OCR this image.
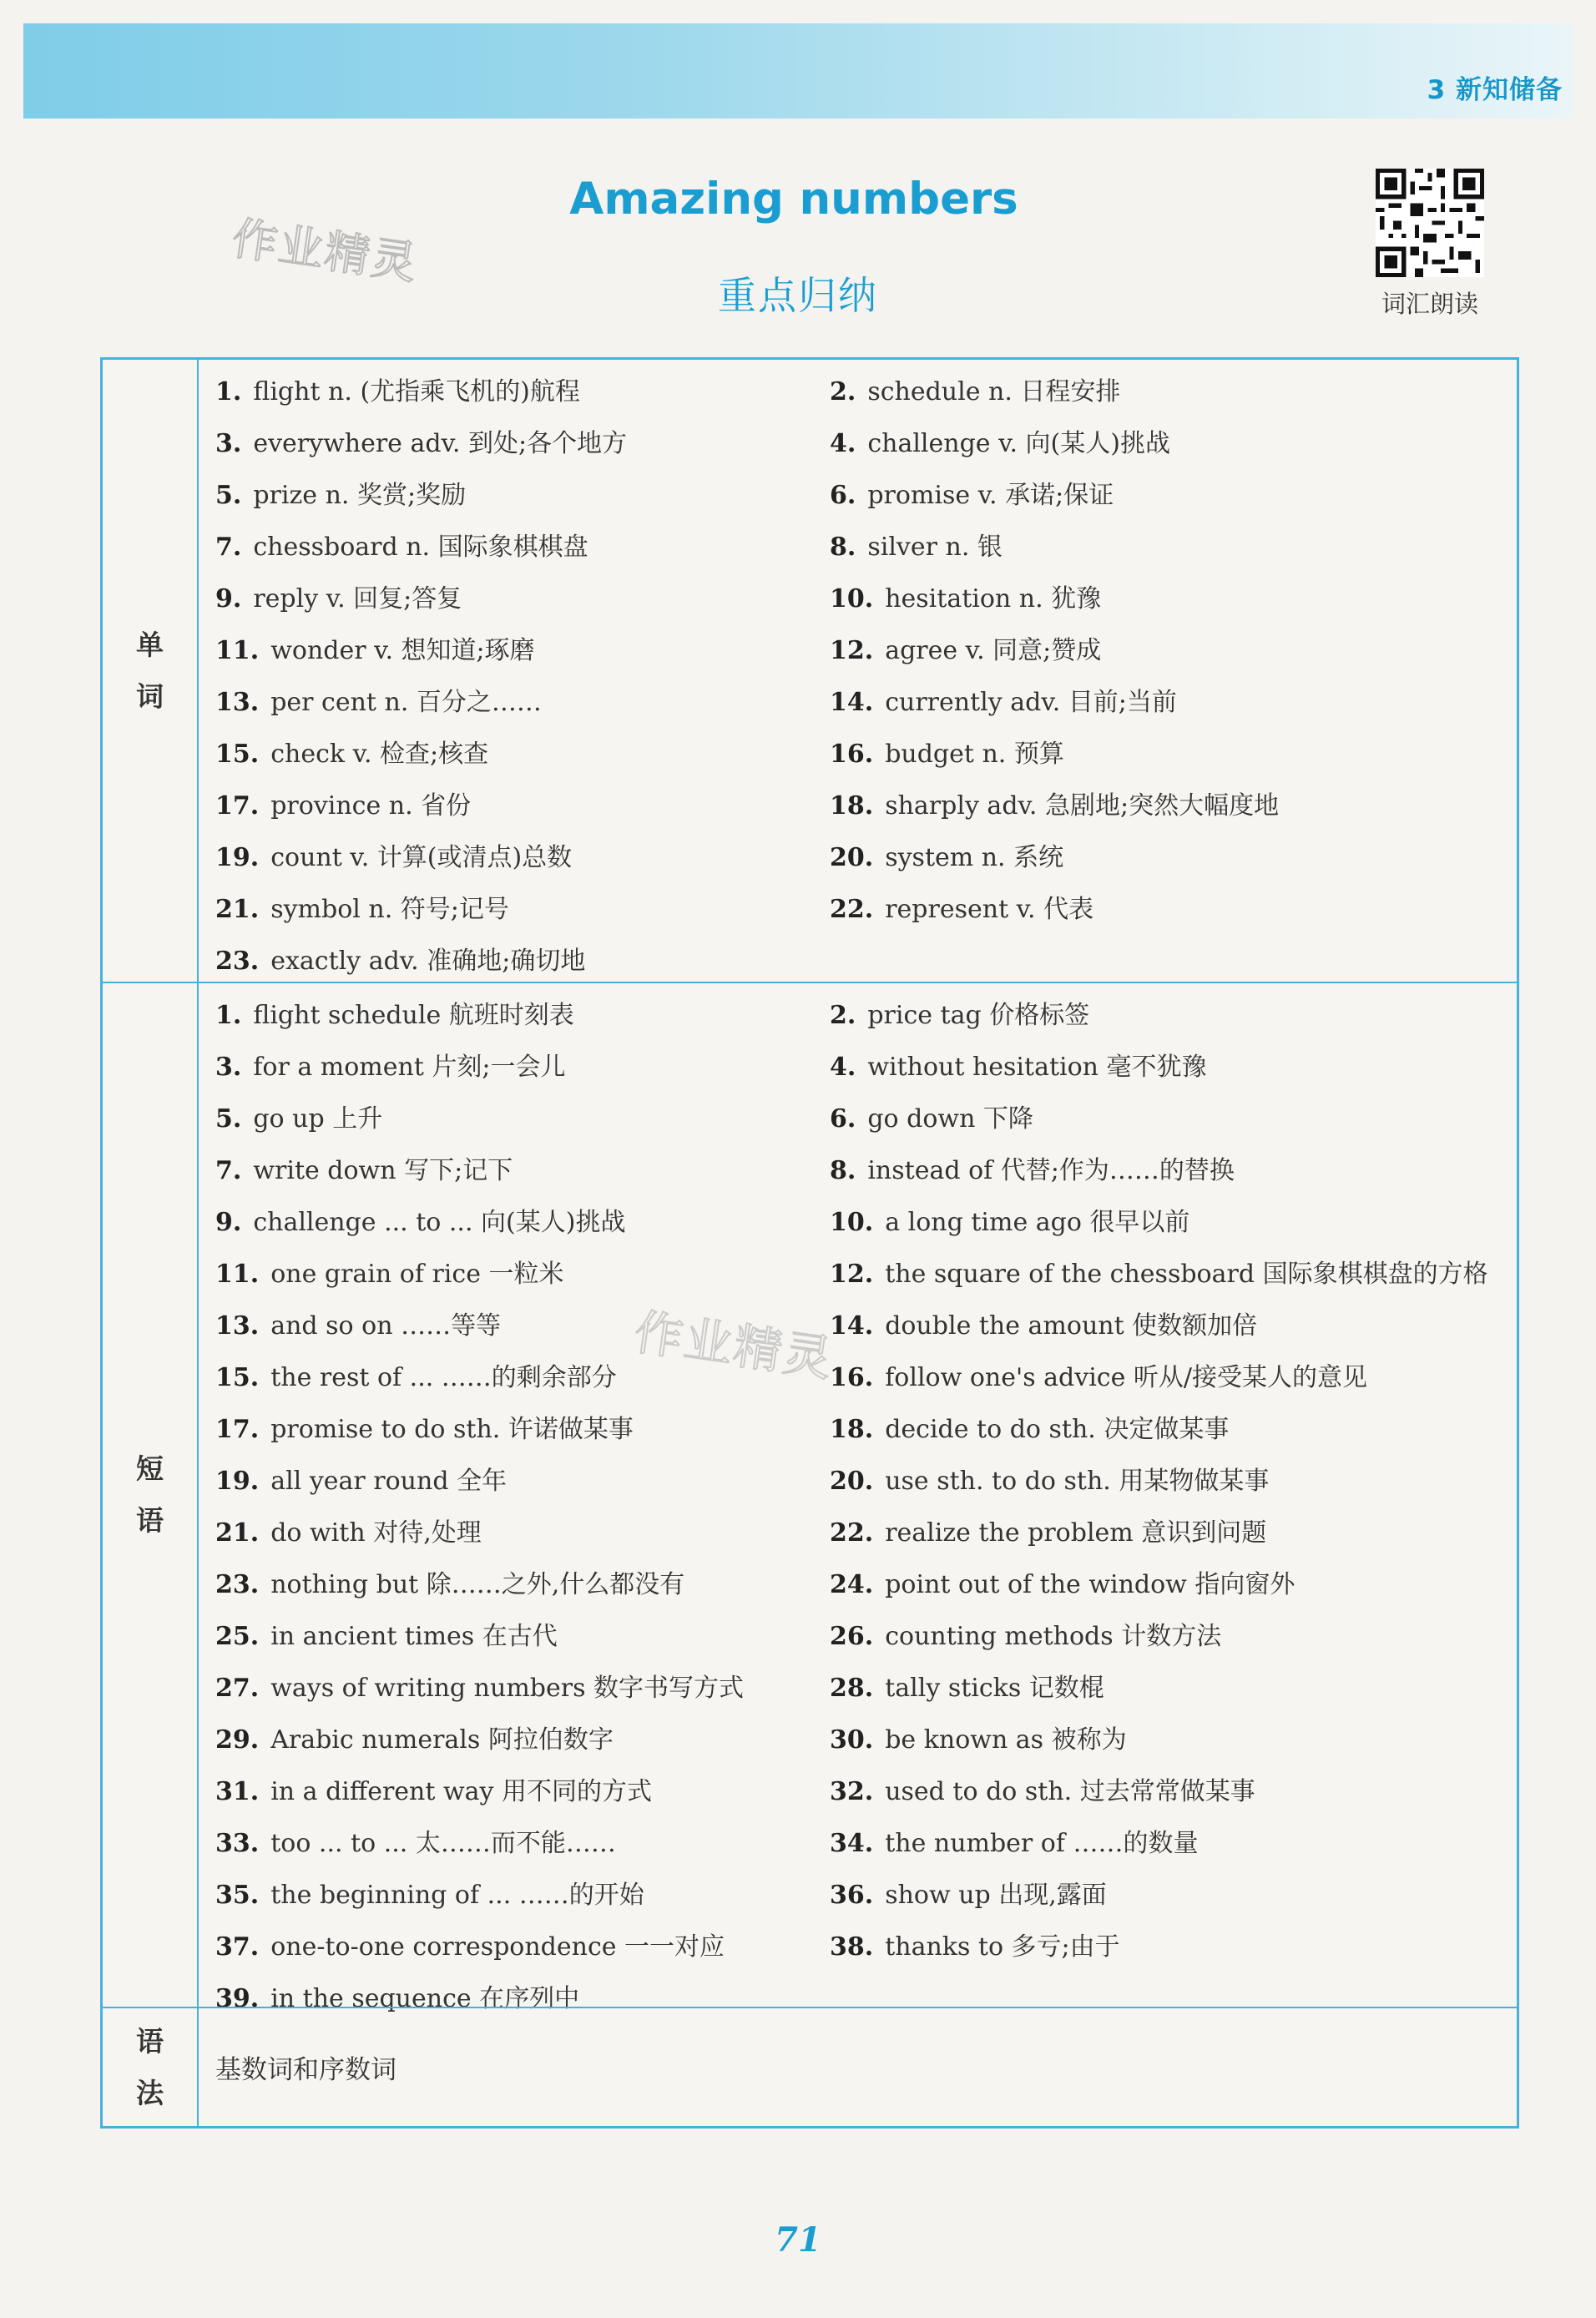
3 新知储备
作业精灵
Amazing numbers
重点归纳	词汇朗读
单
词
1. flight n. (尤指乘飞机的)航程	2. schedule n. 日程安排
3. everywhere adv. 到处;各个地方	4. challenge v. 向(某人)挑战
5. prize n. 奖赏;奖励	6. promise v. 承诺;保证
7. chessboard n. 国际象棋棋盘	8. silver n. 银
9. reply v. 回复;答复	10. hesitation n. 犹豫
11. wonder v. 想知道;琢磨	12. agree v. 同意;赞成
13. per cent n. 百分之……	14. currently adv. 目前;当前
15. check v. 检查;核查	16. budget n. 预算
17. province n. 省份	18. sharply adv. 急剧地;突然大幅度地
19. count v. 计算(或清点)总数	20. system n. 系统
21. symbol n. 符号;记号	22. represent v. 代表
23. exactly adv. 准确地;确切地
短
语
1. flight schedule 航班时刻表	2. price tag 价格标签
3. for a moment 片刻;一会儿	4. without hesitation 毫不犹豫
5. go up 上升	6. go down 下降
7. write down 写下;记下	8. instead of 代替;作为……的替换
9. challenge ... to ... 向(某人)挑战	10. a long time ago 很早以前
11. one grain of rice 一粒米	12. the square of the chessboard 国际象棋棋盘的方格
13. and so on ……等等	14. double the amount 使数额加倍
15. the rest of ... ……的剩余部分	16. follow one's advice 听从/接受某人的意见
17. promise to do sth. 许诺做某事	18. decide to do sth. 决定做某事
19. all year round 全年	20. use sth. to do sth. 用某物做某事
21. do with 对待,处理	22. realize the problem 意识到问题
23. nothing but 除……之外,什么都没有	24. point out of the window 指向窗外
25. in ancient times 在古代	26. counting methods 计数方法
27. ways of writing numbers 数字书写方式	28. tally sticks 记数棍
29. Arabic numerals 阿拉伯数字	30. be known as 被称为
31. in a different way 用不同的方式	32. used to do sth. 过去常常做某事
33. too ... to ... 太……而不能……	34. the number of ……的数量
35. the beginning of ... ……的开始	36. show up 出现,露面
37. one-to-one correspondence 一一对应	38. thanks to 多亏;由于
39. in the sequence 在序列中
语
法
基数词和序数词
作业精灵
71
